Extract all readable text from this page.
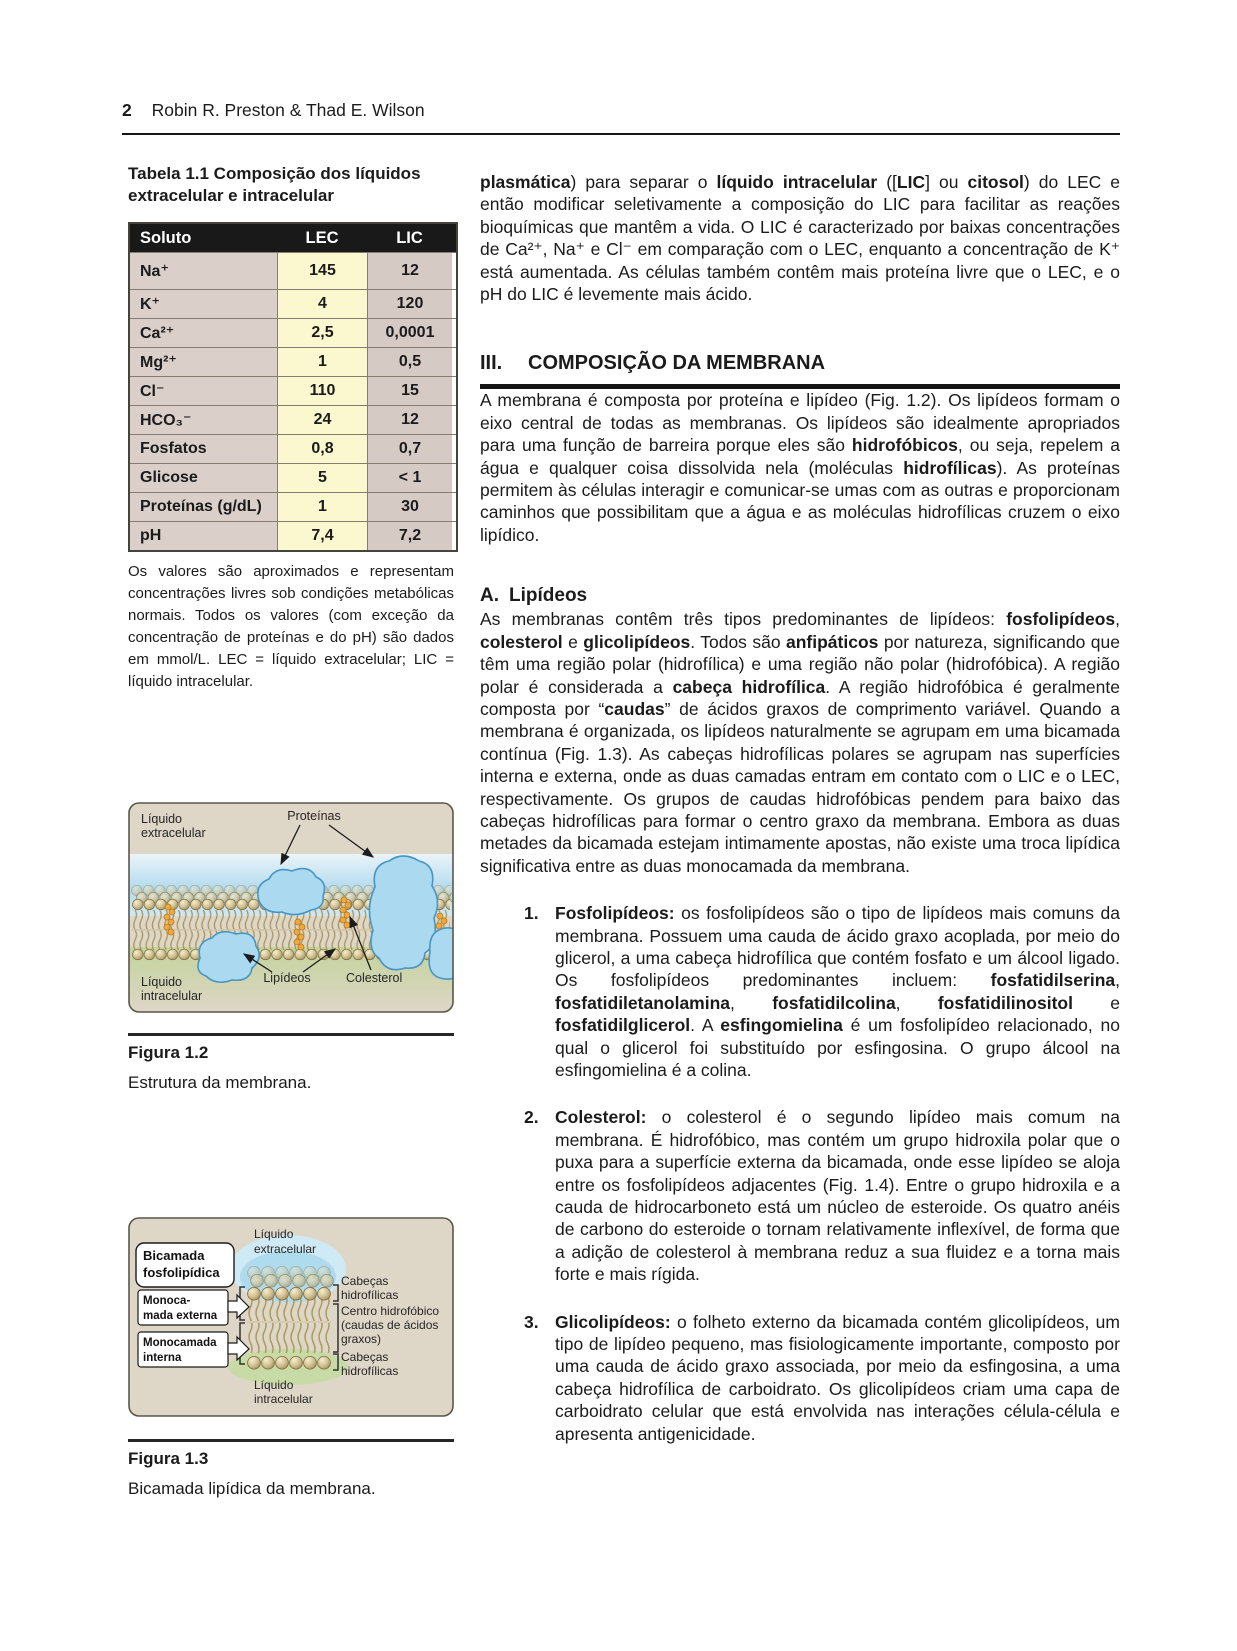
2 Robin R. Preston & Thad E. Wilson

Tabela 1.1 Composição dos líquidos extracelular e intracelular

Soluto	LEC	LIC
Na⁺	145	12
K⁺	4	120
Ca²⁺	2,5	0,0001
Mg²⁺	1	0,5
Cl⁻	110	15
HCO₃⁻	24	12
Fosfatos	0,8	0,7
Glicose	5	< 1
Proteínas (g/dL)	1	30
pH	7,4	7,2

Os valores são aproximados e representam concentrações livres sob condições metabólicas normais. Todos os valores (com exceção da concentração de proteínas e do pH) são dados em mmol/L. LEC = líquido extracelular; LIC = líquido intracelular.

Líquido
extracelular
Proteínas
Líquido
intracelular
Lipídeos	Colesterol
Figura 1.2
Estrutura da membrana.
Bicamada
fosfolipídica
Monoca-
mada externa
Monocamada
interna
Líquido
extracelular
Cabeças
hidrofílicas
Centro hidrofóbico
(caudas de ácidos
graxos)
Cabeças
hidrofílicas
Líquido
intracelular
Figura 1.3
Bicamada lipídica da membrana.

plasmática) para separar o líquido intracelular ([LIC] ou citosol) do LEC e então modificar seletivamente a composição do LIC para facilitar as reações bioquímicas que mantêm a vida. O LIC é caracterizado por baixas concentrações de Ca²⁺, Na⁺ e Cl⁻ em comparação com o LEC, enquanto a concentração de K⁺ está aumentada. As células também contêm mais proteína livre que o LEC, e o pH do LIC é levemente mais ácido.

III.	COMPOSIÇÃO DA MEMBRANA

A membrana é composta por proteína e lipídeo (Fig. 1.2). Os lipídeos formam o eixo central de todas as membranas. Os lipídeos são idealmente apropriados para uma função de barreira porque eles são hidrofóbicos, ou seja, repelem a água e qualquer coisa dissolvida nela (moléculas hidrofílicas). As proteínas permitem às células interagir e comunicar-se umas com as outras e proporcionam caminhos que possibilitam que a água e as moléculas hidrofílicas cruzem o eixo lipídico.

A. Lipídeos

As membranas contêm três tipos predominantes de lipídeos: fosfolipídeos, colesterol e glicolipídeos. Todos são anfipáticos por natureza, significando que têm uma região polar (hidrofílica) e uma região não polar (hidrofóbica). A região polar é considerada a cabeça hidrofílica. A região hidrofóbica é geralmente composta por “caudas” de ácidos graxos de comprimento variável. Quando a membrana é organizada, os lipídeos naturalmente se agrupam em uma bicamada contínua (Fig. 1.3). As cabeças hidrofílicas polares se agrupam nas superfícies interna e externa, onde as duas camadas entram em contato com o LIC e o LEC, respectivamente. Os grupos de caudas hidrofóbicas pendem para baixo das cabeças hidrofílicas para formar o centro graxo da membrana. Embora as duas metades da bicamada estejam intimamente apostas, não existe uma troca lipídica significativa entre as duas monocamada da membrana.

1. Fosfolipídeos: os fosfolipídeos são o tipo de lipídeos mais comuns da membrana. Possuem uma cauda de ácido graxo acoplada, por meio do glicerol, a uma cabeça hidrofílica que contém fosfato e um álcool ligado. Os fosfolipídeos predominantes incluem: fosfatidilserina, fosfatidiletanolamina, fosfatidilcolina, fosfatidilinositol e fosfatidilglicerol. A esfingomielina é um fosfolipídeo relacionado, no qual o glicerol foi substituído por esfingosina. O grupo álcool na esfingomielina é a colina.
2. Colesterol: o colesterol é o segundo lipídeo mais comum na membrana. É hidrofóbico, mas contém um grupo hidroxila polar que o puxa para a superfície externa da bicamada, onde esse lipídeo se aloja entre os fosfolipídeos adjacentes (Fig. 1.4). Entre o grupo hidroxila e a cauda de hidrocarboneto está um núcleo de esteroide. Os quatro anéis de carbono do esteroide o tornam relativamente inflexível, de forma que a adição de colesterol à membrana reduz a sua fluidez e a torna mais forte e mais rígida.
3. Glicolipídeos: o folheto externo da bicamada contém glicolipídeos, um tipo de lipídeo pequeno, mas fisiologicamente importante, composto por uma cauda de ácido graxo associada, por meio da esfingosina, a uma cabeça hidrofílica de carboidrato. Os glicolipídeos criam uma capa de carboidrato celular que está envolvida nas interações célula-célula e apresenta antigenicidade.
